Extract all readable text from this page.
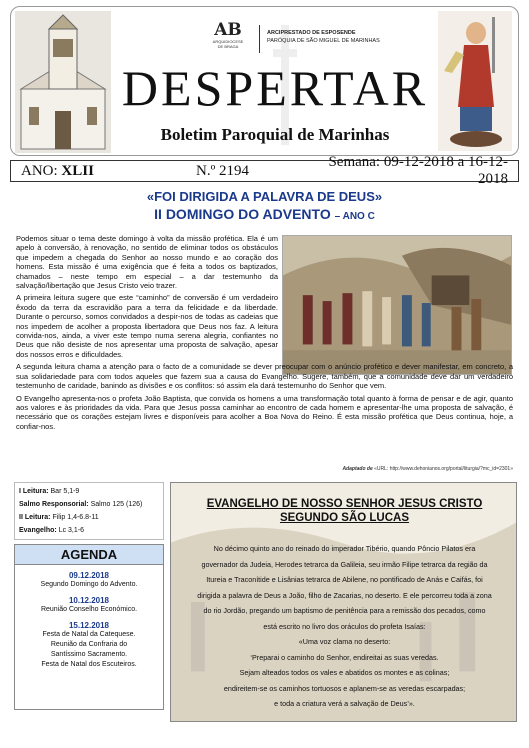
AB
ARQUIDIOCESE
DE BRAGA
ARCIPRESTADO DE ESPOSENDE
PARÓQUIA DE SÃO MIGUEL DE MARINHAS
DESPERTAR
Boletim Paroquial de Marinhas
ANO: XLII	N.º 2194
Semana: 09-12-2018 a 16-12-2018
«FOI DIRIGIDA A PALAVRA DE DEUS»
II DOMINGO DO ADVENTO – ANO C

Podemos situar o tema deste domingo à volta da missão profética. Ela é um apelo à conversão, à renovação, no sentido de eliminar todos os obstáculos que impedem a chegada do Senhor ao nosso mundo e ao coração dos homens. Esta missão é uma exigência que é feita a todos os baptizados, chamados – neste tempo em especial – a dar testemunho da salvação/libertação que Jesus Cristo veio trazer.

A primeira leitura sugere que este “caminho” de conversão é um verdadeiro êxodo da terra da escravidão para a terra da felicidade e da liberdade. Durante o percurso, somos convidados a despir-nos de todas as cadeias que nos impedem de acolher a proposta libertadora que Deus nos faz. A leitura convida-nos, ainda, a viver este tempo numa serena alegria, confiantes no Deus que não desiste de nos apresentar uma proposta de salvação, apesar dos nossos erros e dificuldades.

A segunda leitura chama a atenção para o facto de a comunidade se dever preocupar com o anúncio profético e dever manifestar, em concreto, a sua solidariedade para com todos aqueles que fazem sua a causa do Evangelho. Sugere, também, que a comunidade deve dar um verdadeiro testemunho de caridade, banindo as divisões e os conflitos: só assim ela dará testemunho do Senhor que vem.

O Evangelho apresenta-nos o profeta João Baptista, que convida os homens a uma transformação total quanto à forma de pensar e de agir, quanto aos valores e às prioridades da vida. Para que Jesus possa caminhar ao encontro de cada homem e apresentar-lhe uma proposta de salvação, é necessário que os corações estejam livres e disponíveis para acolher a Boa Nova do Reino. É esta missão profética que Deus continua, hoje, a confiar-nos.

Adaptado de «URL: http://www.dehonianos.org/portal/liturgia/?mc_id=2301»
I Leitura: Bar 5,1-9
Salmo Responsorial: Salmo 125 (126)
II Leitura: Filip 1,4-6.8-11
Evangelho: Lc 3,1-6
AGENDA
09.12.2018
Segundo Domingo do Advento.
10.12.2018
Reunião Conselho Económico.
15.12.2018
Festa de Natal da Catequese.
Reunião da Confraria do
Santíssimo Sacramento.
Festa de Natal dos Escuteiros.
EVANGELHO DE NOSSO SENHOR JESUS CRISTO
SEGUNDO SÃO LUCAS
No décimo quinto ano do reinado do imperador Tibério, quando Pôncio Pilatos era
governador da Judeia, Herodes tetrarca da Galileia, seu irmão Filipe tetrarca da região da
Itureia e Traconítide e Lisânias tetrarca de Abilene, no pontificado de Anás e Caifás, foi
dirigida a palavra de Deus a João, filho de Zacarias, no deserto. E ele percorreu toda a zona
do rio Jordão, pregando um baptismo de penitência para a remissão dos pecados, como
está escrito no livro dos oráculos do profeta Isaías:
«Uma voz clama no deserto:
‘Preparai o caminho do Senhor, endireitai as suas veredas.
Sejam alteados todos os vales e abatidos os montes e as colinas;
endireitem-se os caminhos tortuosos e aplanem-se as veredas escarpadas;
e toda a criatura verá a salvação de Deus’».
